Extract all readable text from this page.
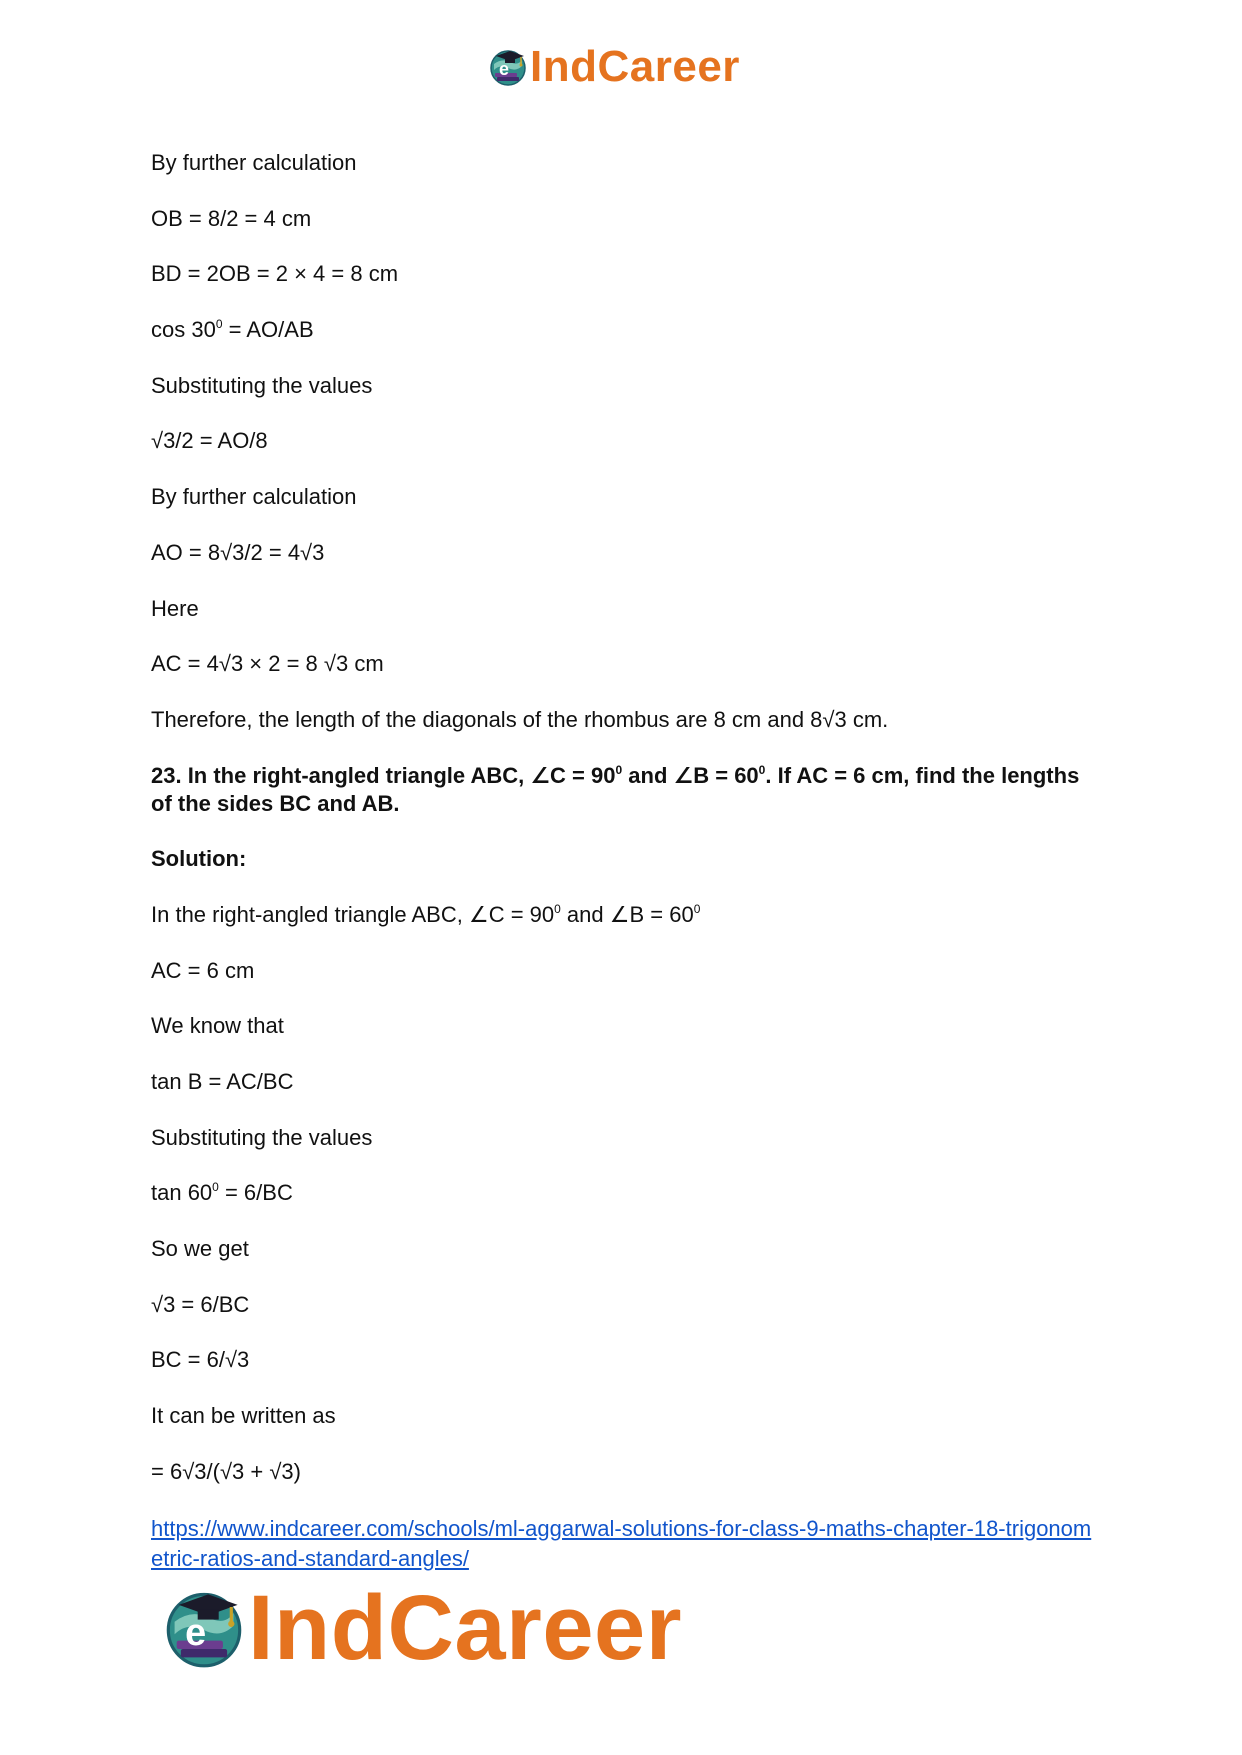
IndCareer

By further calculation

OB = 8/2 = 4 cm

BD = 2OB = 2 × 4 = 8 cm

$\cos 30^0 = AO/AB$

Substituting the values

√3/2 = AO/8

By further calculation

AO = 8√3/2 = 4√3

Here

AC = 4√3 × 2 = 8 √3 cm

Therefore, the length of the diagonals of the rhombus are 8 cm and 8√3 cm.

23. In the right-angled triangle ABC, ∠C = $90^0$ and ∠B = $60^0$. If AC = 6 cm, find the lengths of the sides BC and AB.

Solution:

In the right-angled triangle ABC, ∠C = $90^0$ and ∠B = $60^0$

AC = 6 cm

We know that

tan B = AC/BC

Substituting the values

$\tan 60^0 = 6/BC$

So we get

√3 = 6/BC

BC = 6/√3

It can be written as

= 6√3/(√3 + √3)

https://www.indcareer.com/schools/ml-aggarwal-solutions-for-class-9-maths-chapter-18-trigonometric-ratios-and-standard-angles/
IndCareer
